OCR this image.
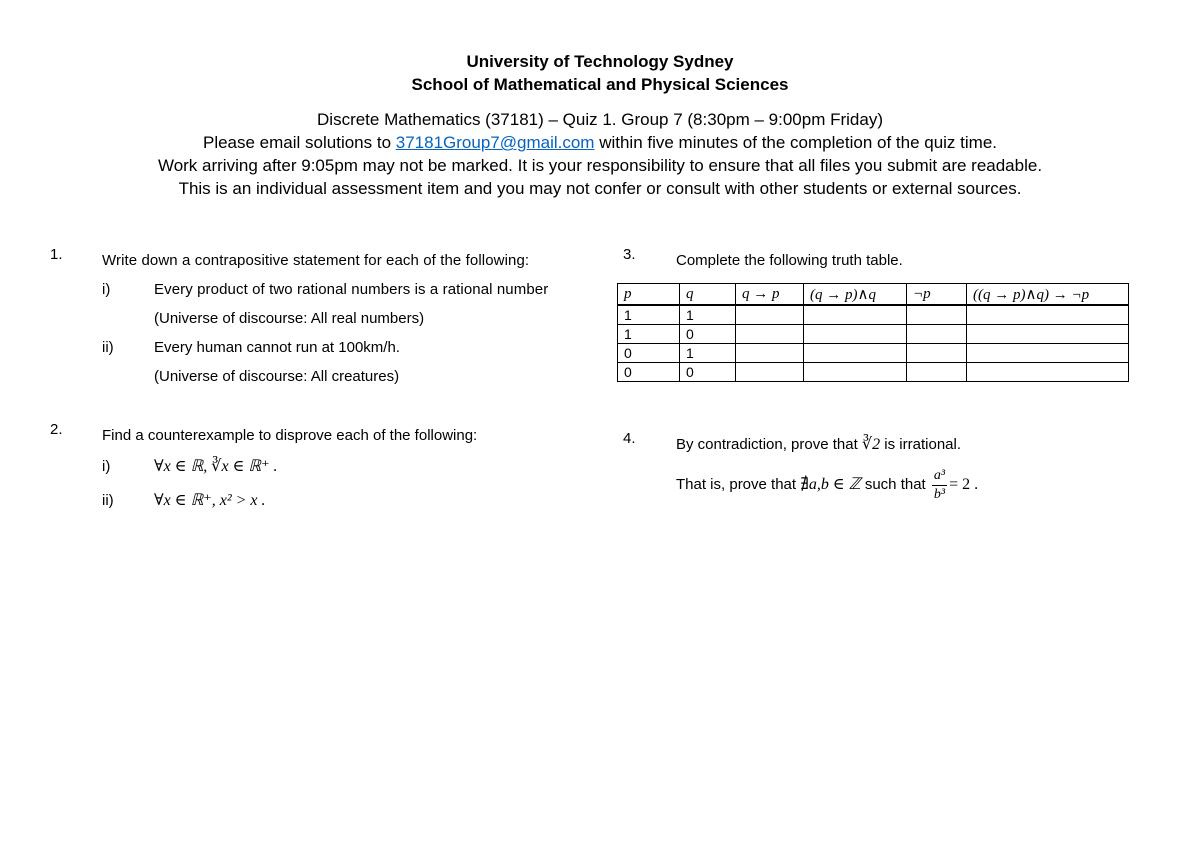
University of Technology Sydney
School of Mathematical and Physical Sciences
Discrete Mathematics (37181) – Quiz 1. Group 7 (8:30pm – 9:00pm Friday)
Please email solutions to 37181Group7@gmail.com within five minutes of the completion of the quiz time.
Work arriving after 9:05pm may not be marked. It is your responsibility to ensure that all files you submit are readable.
This is an individual assessment item and you may not confer or consult with other students or external sources.
1.	Write down a contrapositive statement for each of the following:
i)	Every product of two rational numbers is a rational number
(Universe of discourse: All real numbers)
ii)	Every human cannot run at 100km/h.
(Universe of discourse: All creatures)
2.	Find a counterexample to disprove each of the following:
i)	∀x ∈ ℝ, ∛x ∈ ℝ⁺ .
ii)	∀x ∈ ℝ⁺, x² > x .
3.	Complete the following truth table.
p	q	q → p	(q → p)∧q	¬p	((q → p)∧q) → ¬p
1	1				
1	0				
0	1				
0	0				
4.	By contradiction, prove that ∛2 is irrational.
That is, prove that ∄a,b ∈ ℤ such that $\frac{\text{a³}}{\text{b³}} = 2$ .
